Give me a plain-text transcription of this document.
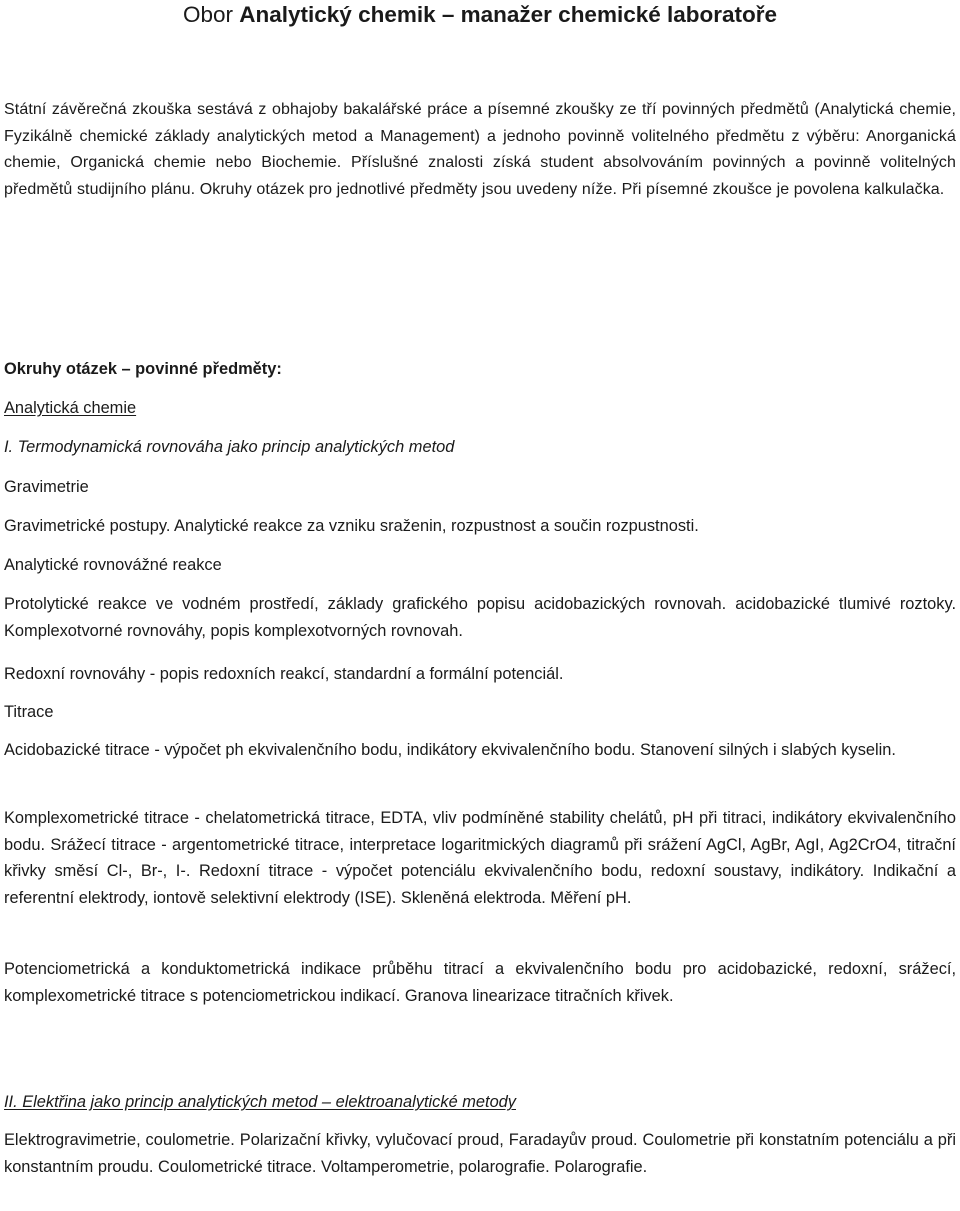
Obor Analytický chemik – manažer chemické laboratoře
Státní závěrečná zkouška sestává z obhajoby bakalářské práce a písemné zkoušky ze tří povinných předmětů (Analytická chemie, Fyzikálně chemické základy analytických metod a Management) a jednoho povinně volitelného předmětu z výběru: Anorganická chemie, Organická chemie nebo Biochemie. Příslušné znalosti získá student absolvováním povinných a povinně volitelných předmětů studijního plánu. Okruhy otázek pro jednotlivé předměty jsou uvedeny níže. Při písemné zkoušce je povolena kalkulačka.
Okruhy otázek – povinné předměty:
Analytická chemie
I. Termodynamická rovnováha jako princip analytických metod
Gravimetrie
Gravimetrické postupy. Analytické reakce za vzniku sraženin, rozpustnost a součin rozpustnosti.
Analytické rovnovážné reakce
Protolytické reakce ve vodném prostředí, základy grafického popisu acidobazických rovnovah. acidobazické tlumivé roztoky. Komplexotvorné rovnováhy, popis komplexotvorných rovnovah.
Redoxní rovnováhy - popis redoxních reakcí, standardní a formální potenciál.
Titrace
Acidobazické titrace - výpočet ph ekvivalenčního bodu, indikátory ekvivalenčního bodu. Stanovení silných i slabých kyselin.
Komplexometrické titrace - chelatometrická titrace, EDTA, vliv podmíněné stability chelátů, pH při titraci, indikátory ekvivalenčního bodu. Srážecí titrace - argentometrické titrace, interpretace logaritmických diagramů při srážení AgCl, AgBr, AgI, Ag2CrO4, titrační křivky směsí Cl-, Br-, I-. Redoxní titrace - výpočet potenciálu ekvivalenčního bodu, redoxní soustavy, indikátory. Indikační a referentní elektrody, iontově selektivní elektrody (ISE). Skleněná elektroda. Měření pH.
Potenciometrická a konduktometrická indikace průběhu titrací a ekvivalenčního bodu pro acidobazické, redoxní, srážecí, komplexometrické titrace s potenciometrickou indikací. Granova linearizace titračních křivek.
II. Elektřina jako princip analytických metod – elektroanalytické metody
Elektrogravimetrie, coulometrie. Polarizační křivky, vylučovací proud, Faradayův proud. Coulometrie při konstatním potenciálu a při konstantním proudu. Coulometrické titrace. Voltamperometrie, polarografie. Polarografie.
